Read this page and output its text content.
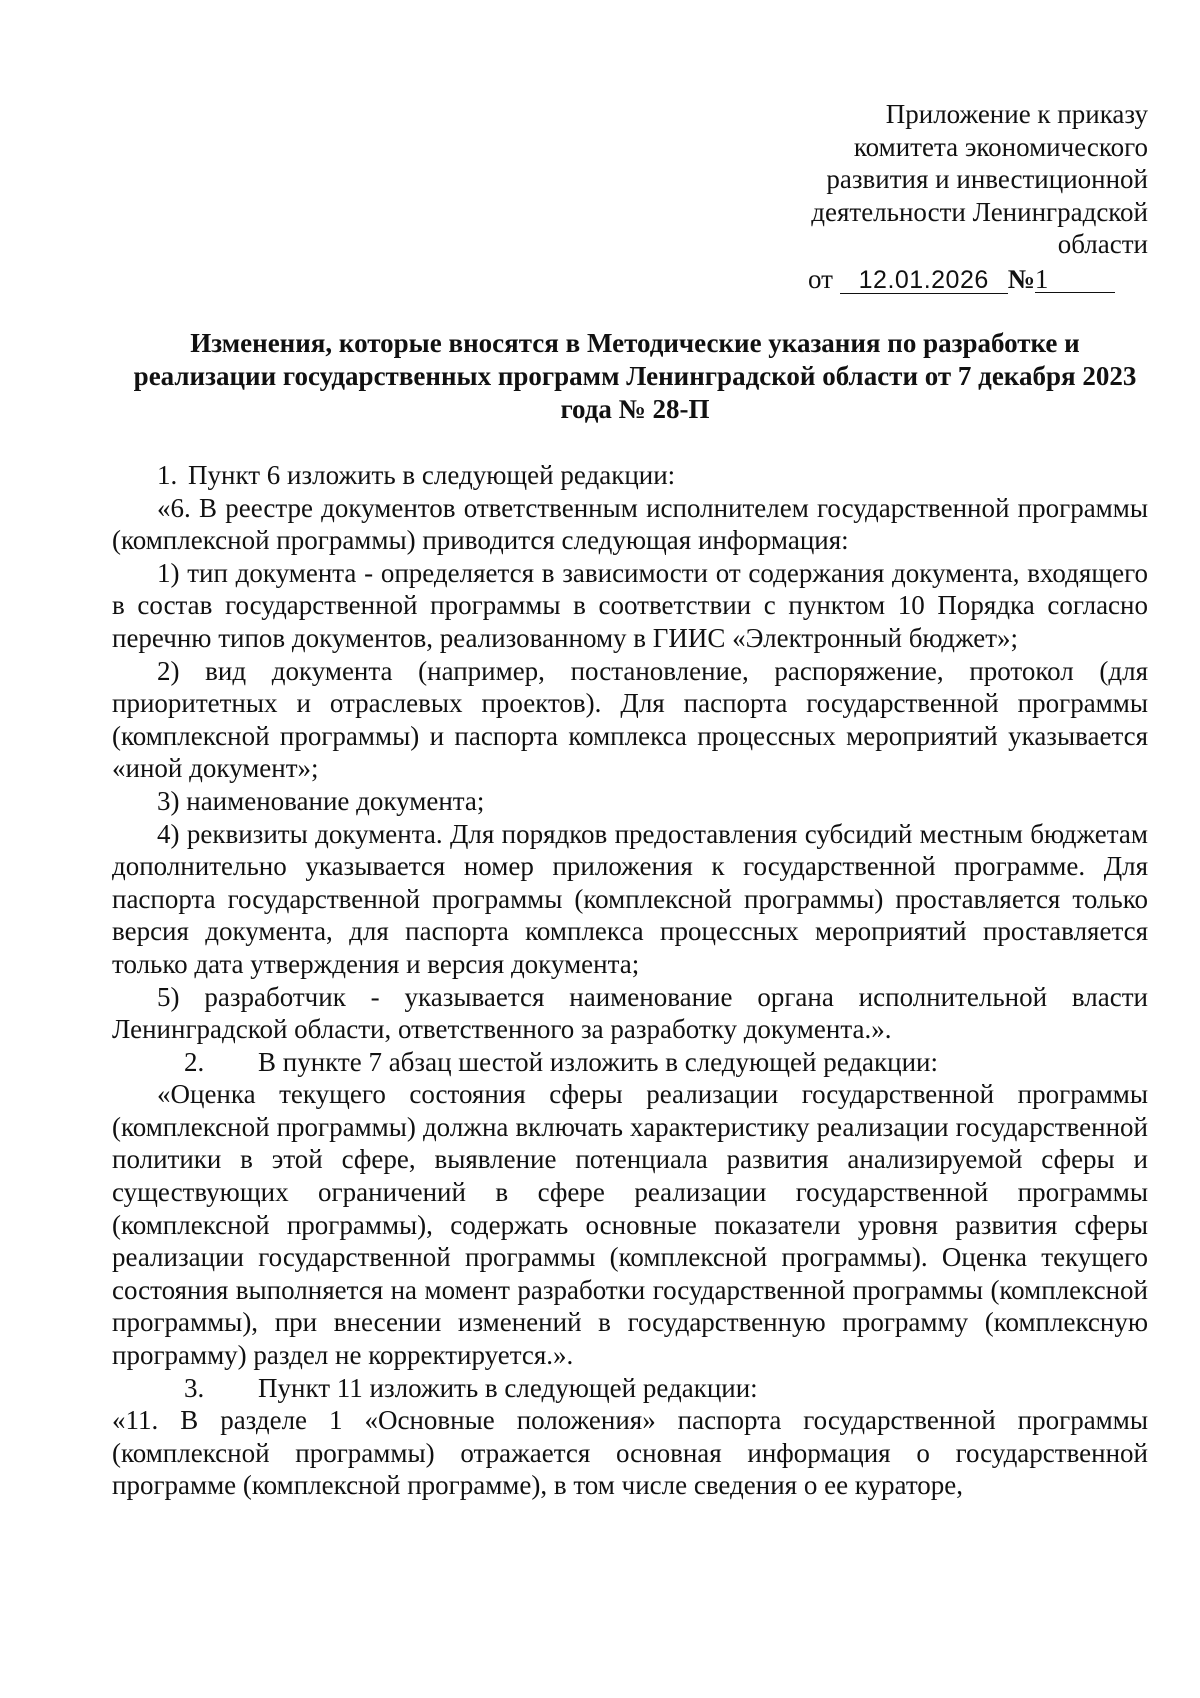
Приложение к приказу
комитета экономического
развития и инвестиционной
деятельности Ленинградской
области
от 12.01.2026 №1
Изменения, которые вносятся в Методические указания по разработке и реализации государственных программ Ленинградской области от 7 декабря 2023 года № 28-П
1. Пункт 6 изложить в следующей редакции:

«6. В реестре документов ответственным исполнителем государственной программы (комплексной программы) приводится следующая информация:

1) тип документа - определяется в зависимости от содержания документа, входящего в состав государственной программы в соответствии с пунктом 10 Порядка согласно перечню типов документов, реализованному в ГИИС «Электронный бюджет»;

2) вид документа (например, постановление, распоряжение, протокол (для приоритетных и отраслевых проектов). Для паспорта государственной программы (комплексной программы) и паспорта комплекса процессных мероприятий указывается «иной документ»;

3) наименование документа;

4) реквизиты документа. Для порядков предоставления субсидий местным бюджетам дополнительно указывается номер приложения к государственной программе. Для паспорта государственной программы (комплексной программы) проставляется только версия документа, для паспорта комплекса процессных мероприятий проставляется только дата утверждения и версия документа;

5) разработчик - указывается наименование органа исполнительной власти Ленинградской области, ответственного за разработку документа.».

2.	В пункте 7 абзац шестой изложить в следующей редакции:

«Оценка текущего состояния сферы реализации государственной программы (комплексной программы) должна включать характеристику реализации государственной политики в этой сфере, выявление потенциала развития анализируемой сферы и существующих ограничений в сфере реализации государственной программы (комплексной программы), содержать основные показатели уровня развития сферы реализации государственной программы (комплексной программы). Оценка текущего состояния выполняется на момент разработки государственной программы (комплексной программы), при внесении изменений в государственную программу (комплексную программу) раздел не корректируется.».

3.	Пункт 11 изложить в следующей редакции:

«11. В разделе 1 «Основные положения» паспорта государственной программы (комплексной программы) отражается основная информация о государственной программе (комплексной программе), в том числе сведения о ее кураторе,
